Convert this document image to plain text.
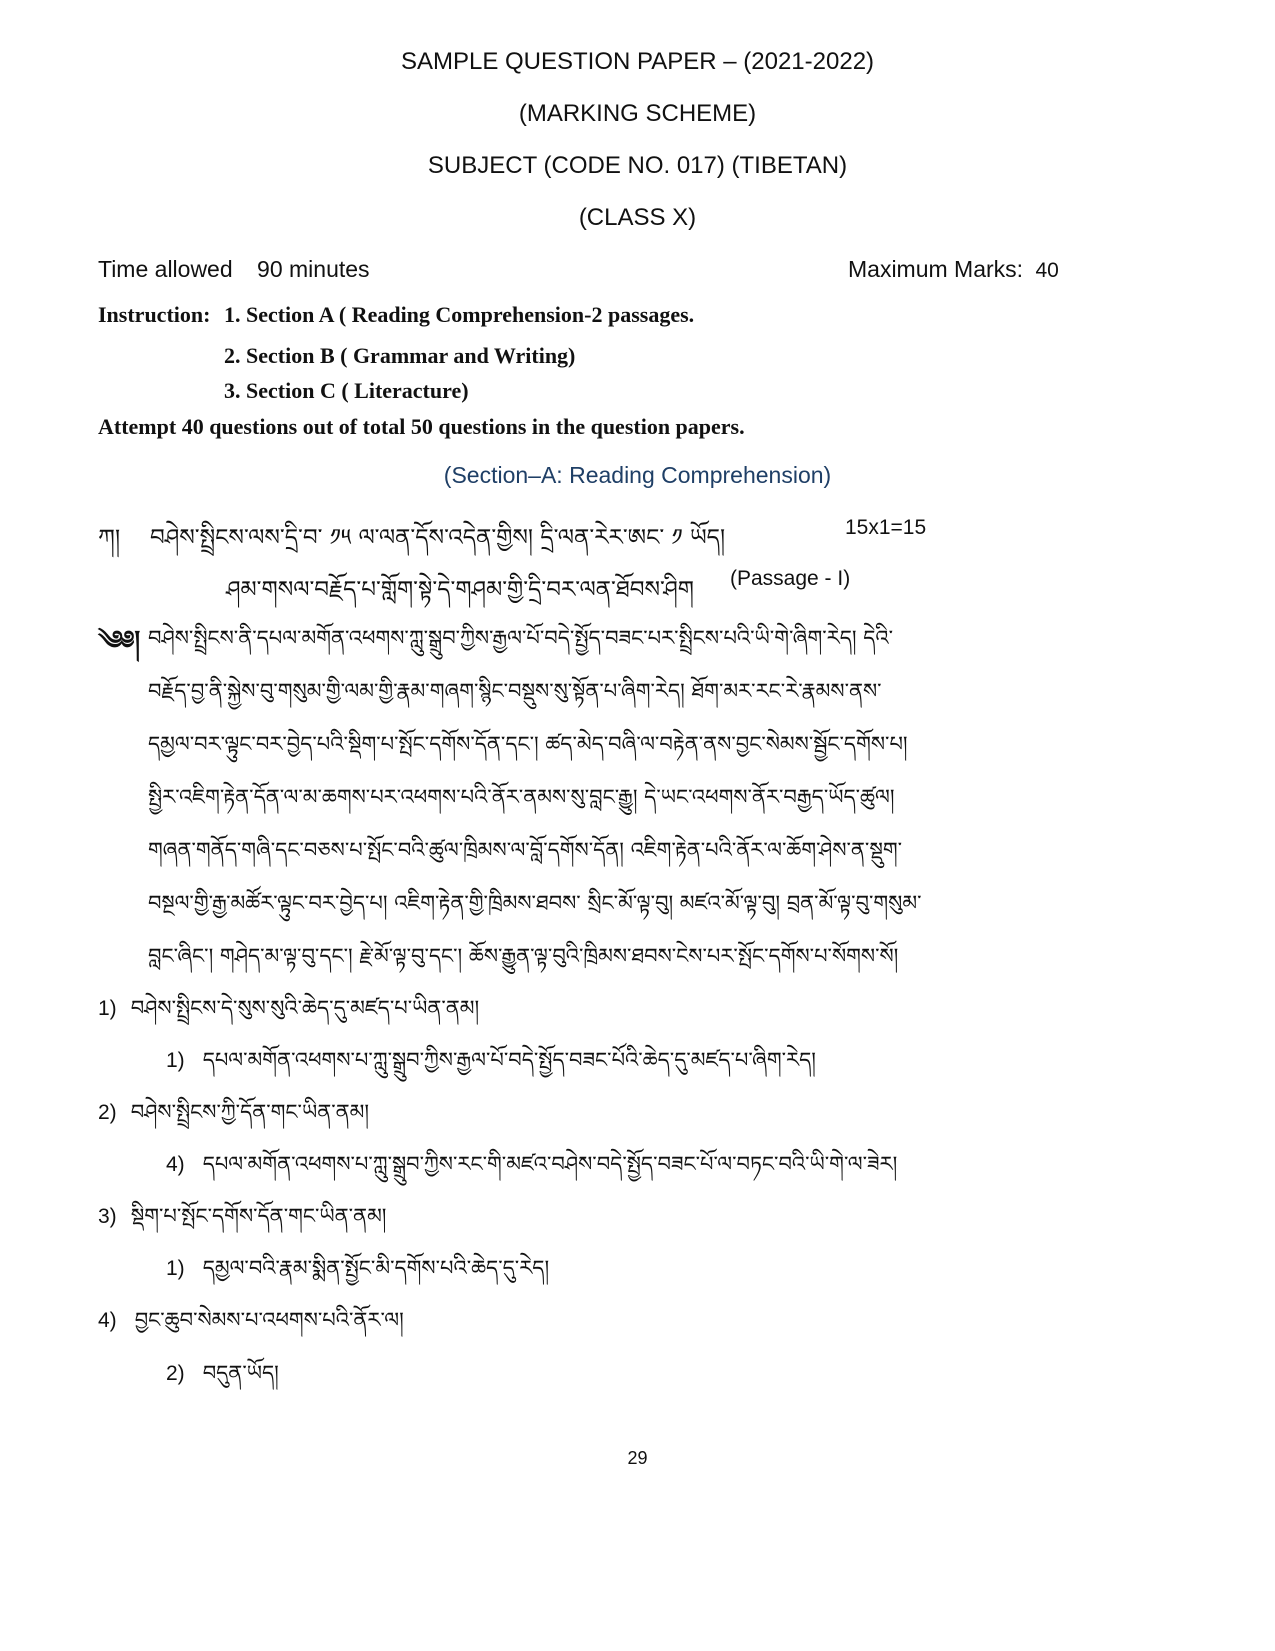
SAMPLE QUESTION PAPER – (2021-2022)
(MARKING SCHEME)
SUBJECT (CODE NO. 017) (TIBETAN)
(CLASS X)
Time allowed 90 minutes	Maximum Marks: 40
Instruction: 1. Section A ( Reading Comprehension-2 passages.
2. Section B ( Grammar and Writing)
3. Section C ( Literacture)
Attempt 40 questions out of total 50 questions in the question papers.
(Section–A: Reading Comprehension)
ཀ། བཤེས་སྤྲིངས་ལས་དྲི་བ་ ༡༥ ལ་ལན་དོས་འདེན་གྱིས། དྲི་ལན་རེར་ཨང་ ༡ ཡོད།	15x1=15
ཤམ་གསལ་བརྗོད་པ་གློག་སྟེ་དེ་གཤམ་གྱི་དྲི་བར་ལན་ཐོབས་ཤིག (Passage - I)
༄༅། བཤེས་སྤྲིངས་ནི་དཔལ་མགོན་འཕགས་ཀླུ་སྒྲུབ་ཀྱིས་རྒྱལ་པོ་བདེ་སྤྱོད་བཟང་པར་སྤྲིངས་པའི་ཡི་གེ་ཞིག་རེད། དེའི་
བརྗོད་བྱ་ནི་སྐྱེས་བུ་གསུམ་གྱི་ལམ་གྱི་རྣམ་གཞག་སྙིང་བསྡུས་སུ་སྟོན་པ་ཞིག་རེད། ཐོག་མར་རང་རེ་རྣམས་ནས་
དམྱལ་བར་ལྟུང་བར་བྱེད་པའི་སྡིག་པ་སྤོང་དགོས་དོན་དང་། ཚད་མེད་བཞི་ལ་བརྟེན་ནས་བྱང་སེམས་སྦྱོང་དགོས་པ།
སྤྱིར་འཇིག་རྟེན་དོན་ལ་མ་ཆགས་པར་འཕགས་པའི་ནོར་ནམས་སུ་བླང་རྒྱུ། དེ་ཡང་འཕགས་ནོར་བརྒྱད་ཡོད་ཚུལ།
གཞན་གནོད་གཞི་དང་བཅས་པ་སྤོང་བའི་ཚུལ་ཁྲིམས་ལ་བློ་དགོས་དོན། འཇིག་རྟེན་པའི་ནོར་ལ་ཆོག་ཤེས་ན་སྡུག་
བསྔལ་གྱི་རྒྱ་མཚོར་ལྟུང་བར་བྱེད་པ། འཇིག་རྟེན་གྱི་ཁྲིམས་ཐབས་ སྲིང་མོ་ལྟ་བུ། མཛའ་མོ་ལྟ་བུ། བྲན་མོ་ལྟ་བུ་གསུམ་
བླང་ཞིང་། གཤེད་མ་ལྟ་བུ་དང་། རྗེ་མོ་ལྟ་བུ་དང་། ཆོས་རྒྱུན་ལྟ་བུའི་ཁྲིམས་ཐབས་ངེས་པར་སྤོང་དགོས་པ་སོགས་སོ།
1) བཤེས་སྤྲིངས་དེ་སུས་སུའི་ཆེད་དུ་མཛད་པ་ཡིན་ནམ།
1) དཔལ་མགོན་འཕགས་པ་ཀླུ་སྒྲུབ་ཀྱིས་རྒྱལ་པོ་བདེ་སྤྱོད་བཟང་པོའི་ཆེད་དུ་མཛད་པ་ཞིག་རེད།
2) བཤེས་སྤྲིངས་ཀྱི་དོན་གང་ཡིན་ནམ།
4) དཔལ་མགོན་འཕགས་པ་ཀླུ་སྒྲུབ་ཀྱིས་རང་གི་མཛའ་བཤེས་བདེ་སྤྱོད་བཟང་པོ་ལ་བཏང་བའི་ཡི་གེ་ལ་ཟེར།
3) སྡིག་པ་སྤོང་དགོས་དོན་གང་ཡིན་ནམ།
1) དམྱལ་བའི་རྣམ་སྨིན་སྤྱོང་མི་དགོས་པའི་ཆེད་དུ་རེད།
4) བྱང་ཆུབ་སེམས་པ་འཕགས་པའི་ནོར་ལ།
2) བདུན་ཡོད།
29
